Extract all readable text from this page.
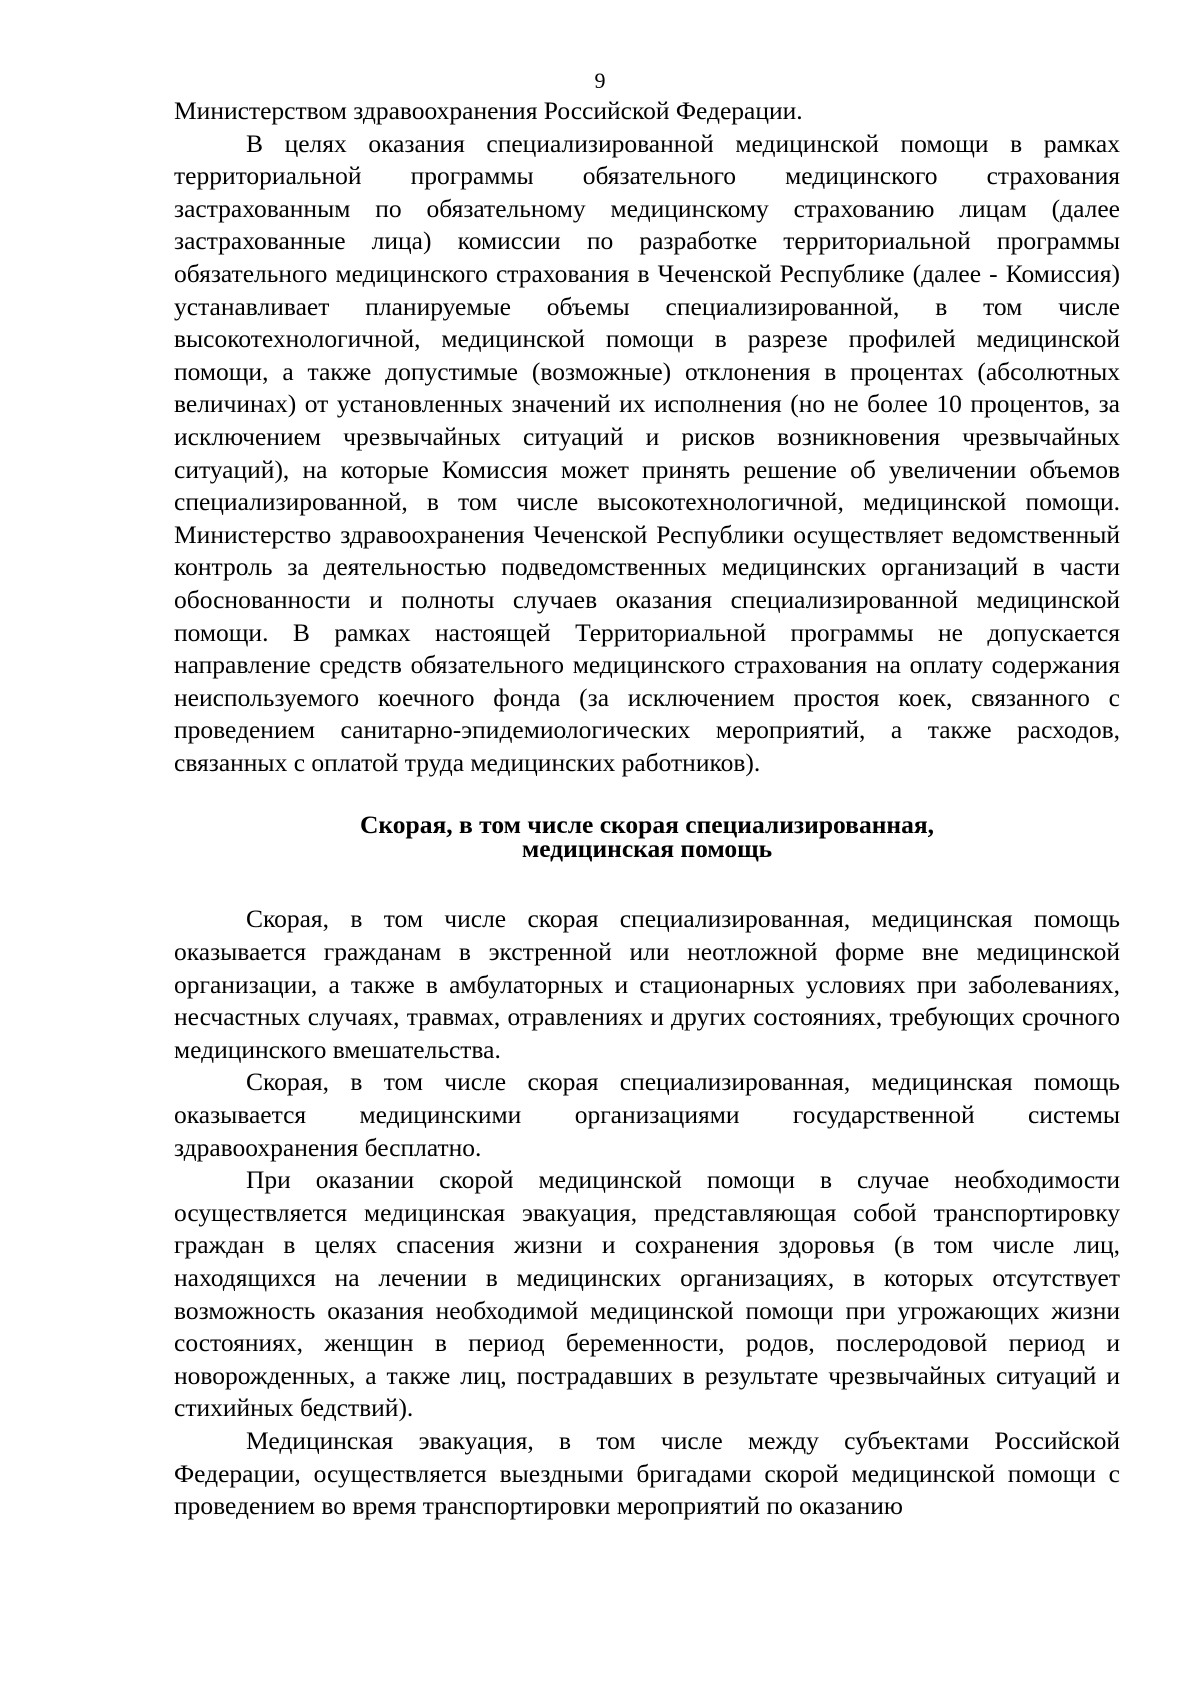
9

Министерством здравоохранения Российской Федерации.

В целях оказания специализированной медицинской помощи в рамках территориальной программы обязательного медицинского страхования застрахованным по обязательному медицинскому страхованию лицам (далее застрахованные лица) комиссии по разработке территориальной программы обязательного медицинского страхования в Чеченской Республике (далее - Комиссия) устанавливает планируемые объемы специализированной, в том числе высокотехнологичной, медицинской помощи в разрезе профилей медицинской помощи, а также допустимые (возможные) отклонения в процентах (абсолютных величинах) от установленных значений их исполнения (но не более 10 процентов, за исключением чрезвычайных ситуаций и рисков возникновения чрезвычайных ситуаций), на которые Комиссия может принять решение об увеличении объемов специализированной, в том числе высокотехнологичной, медицинской помощи. Министерство здравоохранения Чеченской Республики осуществляет ведомственный контроль за деятельностью подведомственных медицинских организаций в части обоснованности и полноты случаев оказания специализированной медицинской помощи. В рамках настоящей Территориальной программы не допускается направление средств обязательного медицинского страхования на оплату содержания неиспользуемого коечного фонда (за исключением простоя коек, связанного с проведением санитарно-эпидемиологических мероприятий, а также расходов, связанных с оплатой труда медицинских работников).

Скорая, в том числе скорая специализированная,
медицинская помощь

Скорая, в том числе скорая специализированная, медицинская помощь оказывается гражданам в экстренной или неотложной форме вне медицинской организации, а также в амбулаторных и стационарных условиях при заболеваниях, несчастных случаях, травмах, отравлениях и других состояниях, требующих срочного медицинского вмешательства.

Скорая, в том числе скорая специализированная, медицинская помощь оказывается медицинскими организациями государственной системы здравоохранения бесплатно.

При оказании скорой медицинской помощи в случае необходимости осуществляется медицинская эвакуация, представляющая собой транспортировку граждан в целях спасения жизни и сохранения здоровья (в том числе лиц, находящихся на лечении в медицинских организациях, в которых отсутствует возможность оказания необходимой медицинской помощи при угрожающих жизни состояниях, женщин в период беременности, родов, послеродовой период и новорожденных, а также лиц, пострадавших в результате чрезвычайных ситуаций и стихийных бедствий).

Медицинская эвакуация, в том числе между субъектами Российской Федерации, осуществляется выездными бригадами скорой медицинской помощи с проведением во время транспортировки мероприятий по оказанию
